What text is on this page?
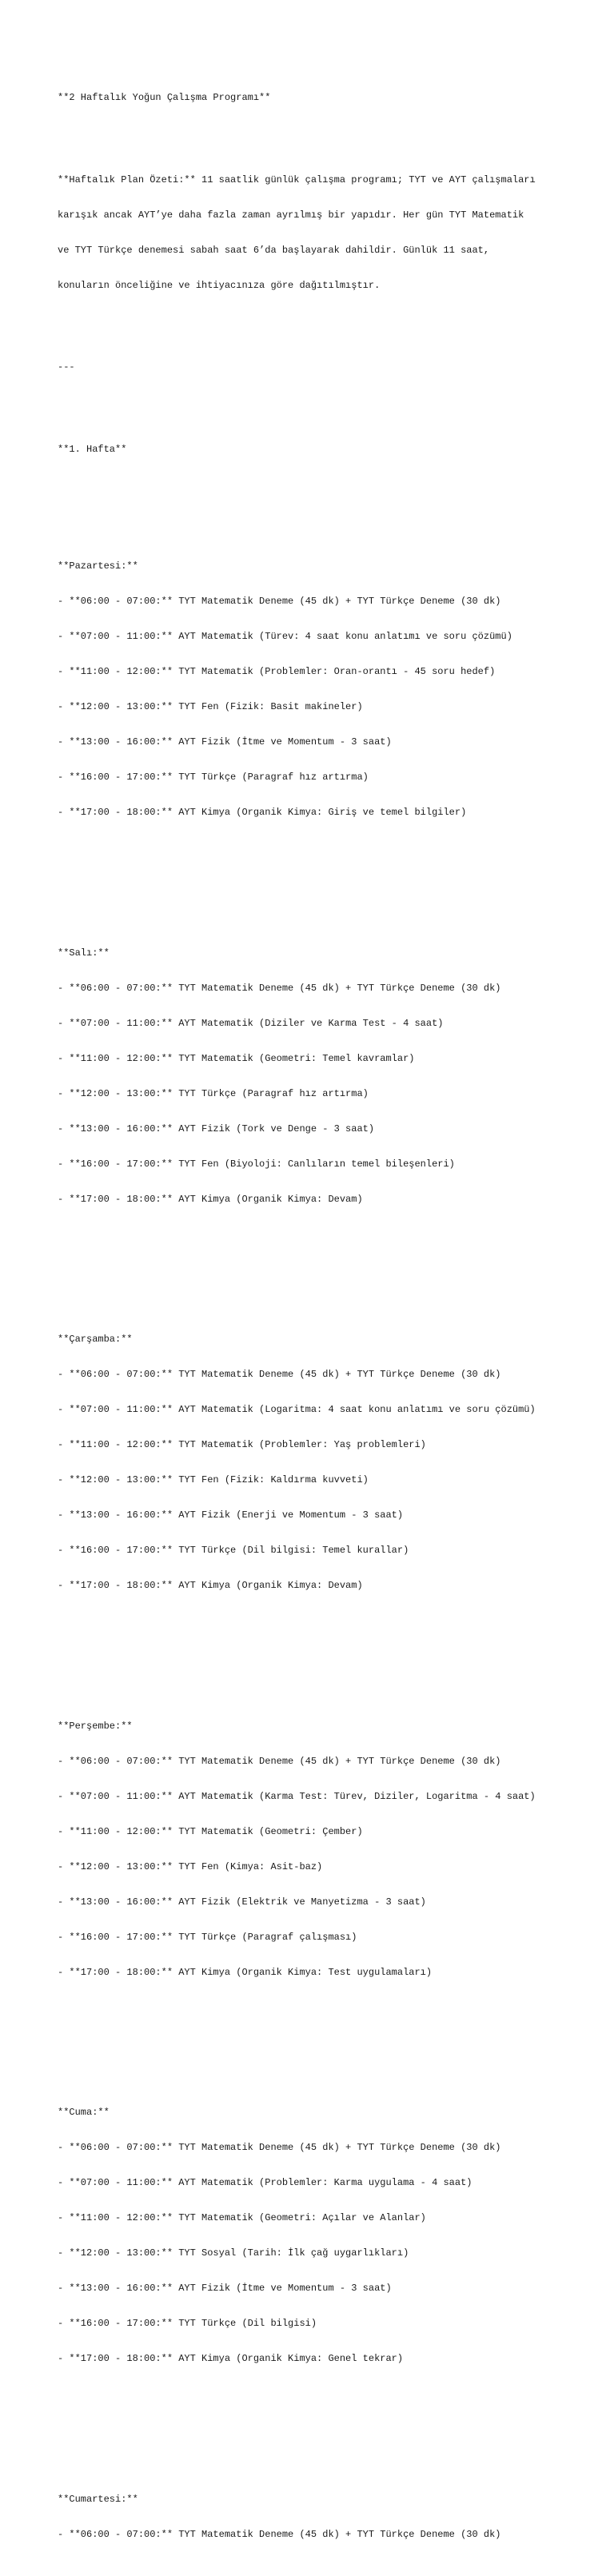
**2 Haftalık Yoğun Çalışma Programı**

**Haftalık Plan Özeti:** 11 saatlik günlük çalışma programı; TYT ve AYT çalışmaları

karışık ancak AYT’ye daha fazla zaman ayrılmış bir yapıdır. Her gün TYT Matematik

ve TYT Türkçe denemesi sabah saat 6’da başlayarak dahildir. Günlük 11 saat,

konuların önceliğine ve ihtiyacınıza göre dağıtılmıştır.

---

**1. Hafta**

**Pazartesi:**

- **06:00 - 07:00:** TYT Matematik Deneme (45 dk) + TYT Türkçe Deneme (30 dk)

- **07:00 - 11:00:** AYT Matematik (Türev: 4 saat konu anlatımı ve soru çözümü)

- **11:00 - 12:00:** TYT Matematik (Problemler: Oran-orantı - 45 soru hedef)

- **12:00 - 13:00:** TYT Fen (Fizik: Basit makineler)

- **13:00 - 16:00:** AYT Fizik (İtme ve Momentum - 3 saat)

- **16:00 - 17:00:** TYT Türkçe (Paragraf hız artırma)

- **17:00 - 18:00:** AYT Kimya (Organik Kimya: Giriş ve temel bilgiler)

**Salı:**

- **06:00 - 07:00:** TYT Matematik Deneme (45 dk) + TYT Türkçe Deneme (30 dk)

- **07:00 - 11:00:** AYT Matematik (Diziler ve Karma Test - 4 saat)

- **11:00 - 12:00:** TYT Matematik (Geometri: Temel kavramlar)

- **12:00 - 13:00:** TYT Türkçe (Paragraf hız artırma)

- **13:00 - 16:00:** AYT Fizik (Tork ve Denge - 3 saat)

- **16:00 - 17:00:** TYT Fen (Biyoloji: Canlıların temel bileşenleri)

- **17:00 - 18:00:** AYT Kimya (Organik Kimya: Devam)

**Çarşamba:**

- **06:00 - 07:00:** TYT Matematik Deneme (45 dk) + TYT Türkçe Deneme (30 dk)

- **07:00 - 11:00:** AYT Matematik (Logaritma: 4 saat konu anlatımı ve soru çözümü)

- **11:00 - 12:00:** TYT Matematik (Problemler: Yaş problemleri)

- **12:00 - 13:00:** TYT Fen (Fizik: Kaldırma kuvveti)

- **13:00 - 16:00:** AYT Fizik (Enerji ve Momentum - 3 saat)

- **16:00 - 17:00:** TYT Türkçe (Dil bilgisi: Temel kurallar)

- **17:00 - 18:00:** AYT Kimya (Organik Kimya: Devam)

**Perşembe:**

- **06:00 - 07:00:** TYT Matematik Deneme (45 dk) + TYT Türkçe Deneme (30 dk)

- **07:00 - 11:00:** AYT Matematik (Karma Test: Türev, Diziler, Logaritma - 4 saat)

- **11:00 - 12:00:** TYT Matematik (Geometri: Çember)

- **12:00 - 13:00:** TYT Fen (Kimya: Asit-baz)

- **13:00 - 16:00:** AYT Fizik (Elektrik ve Manyetizma - 3 saat)

- **16:00 - 17:00:** TYT Türkçe (Paragraf çalışması)

- **17:00 - 18:00:** AYT Kimya (Organik Kimya: Test uygulamaları)

**Cuma:**

- **06:00 - 07:00:** TYT Matematik Deneme (45 dk) + TYT Türkçe Deneme (30 dk)

- **07:00 - 11:00:** AYT Matematik (Problemler: Karma uygulama - 4 saat)

- **11:00 - 12:00:** TYT Matematik (Geometri: Açılar ve Alanlar)

- **12:00 - 13:00:** TYT Sosyal (Tarih: İlk çağ uygarlıkları)

- **13:00 - 16:00:** AYT Fizik (İtme ve Momentum - 3 saat)

- **16:00 - 17:00:** TYT Türkçe (Dil bilgisi)

- **17:00 - 18:00:** AYT Kimya (Organik Kimya: Genel tekrar)

**Cumartesi:**

- **06:00 - 07:00:** TYT Matematik Deneme (45 dk) + TYT Türkçe Deneme (30 dk)
